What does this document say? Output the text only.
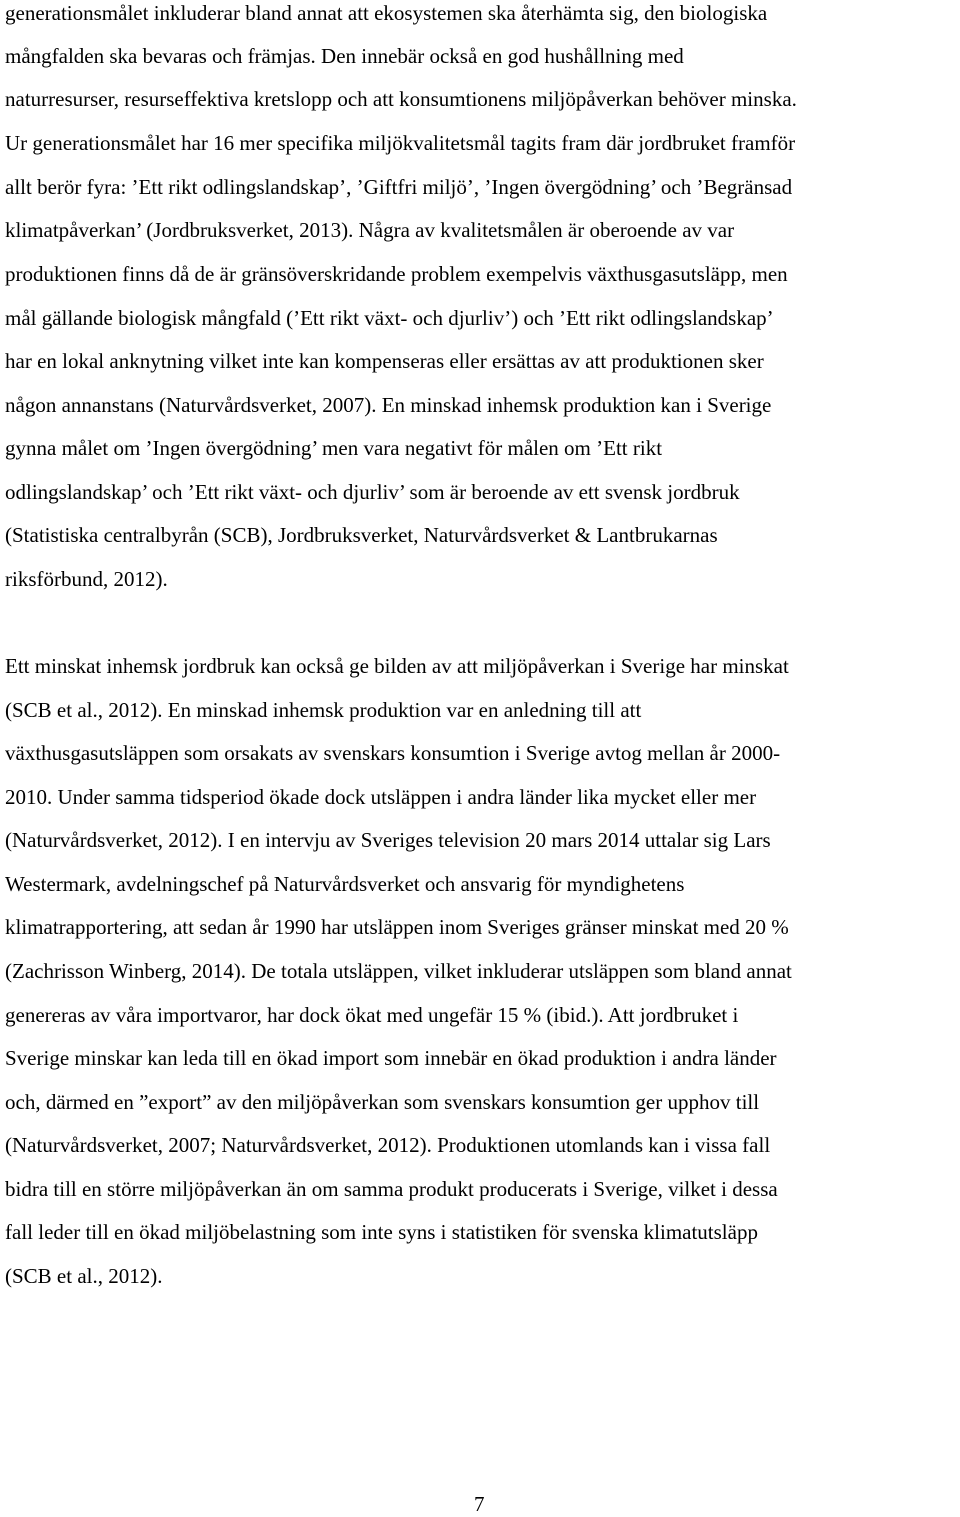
generationsmålet inkluderar bland annat att ekosystemen ska återhämta sig, den biologiska
mångfalden ska bevaras och främjas. Den innebär också en god hushållning med
naturresurser, resurseffektiva kretslopp och att konsumtionens miljöpåverkan behöver minska.
Ur generationsmålet har 16 mer specifika miljökvalitetsmål tagits fram där jordbruket framför
allt berör fyra: ’Ett rikt odlingslandskap’, ’Giftfri miljö’, ’Ingen övergödning’ och ’Begränsad
klimatpåverkan’ (Jordbruksverket, 2013). Några av kvalitetsmålen är oberoende av var
produktionen finns då de är gränsöverskridande problem exempelvis växthusgasutsläpp, men
mål gällande biologisk mångfald (’Ett rikt växt- och djurliv’) och ’Ett rikt odlingslandskap’
har en lokal anknytning vilket inte kan kompenseras eller ersättas av att produktionen sker
någon annanstans (Naturvårdsverket, 2007). En minskad inhemsk produktion kan i Sverige
gynna målet om ’Ingen övergödning’ men vara negativt för målen om ’Ett rikt
odlingslandskap’ och ’Ett rikt växt- och djurliv’ som är beroende av ett svensk jordbruk
(Statistiska centralbyrån (SCB), Jordbruksverket, Naturvårdsverket & Lantbrukarnas
riksförbund, 2012).
Ett minskat inhemsk jordbruk kan också ge bilden av att miljöpåverkan i Sverige har minskat
(SCB et al., 2012). En minskad inhemsk produktion var en anledning till att
växthusgasutsläppen som orsakats av svenskars konsumtion i Sverige avtog mellan år 2000-
2010. Under samma tidsperiod ökade dock utsläppen i andra länder lika mycket eller mer
(Naturvårdsverket, 2012). I en intervju av Sveriges television 20 mars 2014 uttalar sig Lars
Westermark, avdelningschef på Naturvårdsverket och ansvarig för myndighetens
klimatrapportering, att sedan år 1990 har utsläppen inom Sveriges gränser minskat med 20 %
(Zachrisson Winberg, 2014). De totala utsläppen, vilket inkluderar utsläppen som bland annat
genereras av våra importvaror, har dock ökat med ungefär 15 % (ibid.). Att jordbruket i
Sverige minskar kan leda till en ökad import som innebär en ökad produktion i andra länder
och, därmed en ”export” av den miljöpåverkan som svenskars konsumtion ger upphov till
(Naturvårdsverket, 2007; Naturvårdsverket, 2012). Produktionen utomlands kan i vissa fall
bidra till en större miljöpåverkan än om samma produkt producerats i Sverige, vilket i dessa
fall leder till en ökad miljöbelastning som inte syns i statistiken för svenska klimatutsläpp
(SCB et al., 2012).
7
